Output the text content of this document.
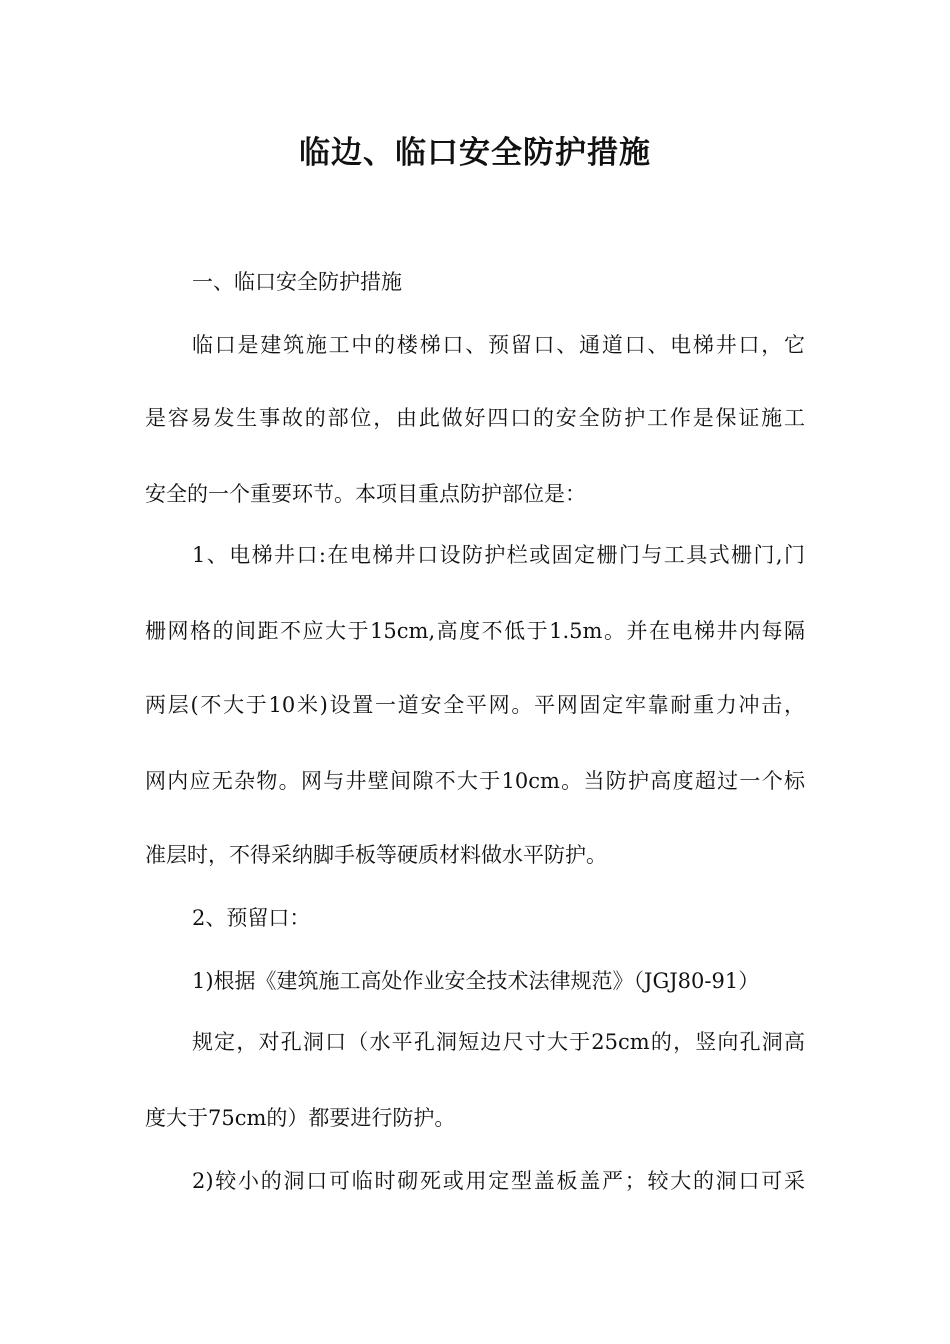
临边、临口安全防护措施
一、临口安全防护措施
临口是建筑施工中的楼梯口、预留口、通道口、电梯井口，它
是容易发生事故的部位，由此做好四口的安全防护工作是保证施工
安全的一个重要环节。本项目重点防护部位是：
1、电梯井口:在电梯井口设防护栏或固定栅门与工具式栅门,门
栅网格的间距不应大于15cm,高度不低于1.5m。并在电梯井内每隔
两层(不大于10米)设置一道安全平网。平网固定牢靠耐重力冲击，
网内应无杂物。网与井壁间隙不大于10cm。当防护高度超过一个标
准层时，不得采纳脚手板等硬质材料做水平防护。
2、预留口：
1)根据《建筑施工高处作业安全技术法律规范》（JGJ80-91）
规定，对孔洞口（水平孔洞短边尺寸大于25cm的，竖向孔洞高
度大于75cm的）都要进行防护。
2)较小的洞口可临时砌死或用定型盖板盖严；较大的洞口可采
